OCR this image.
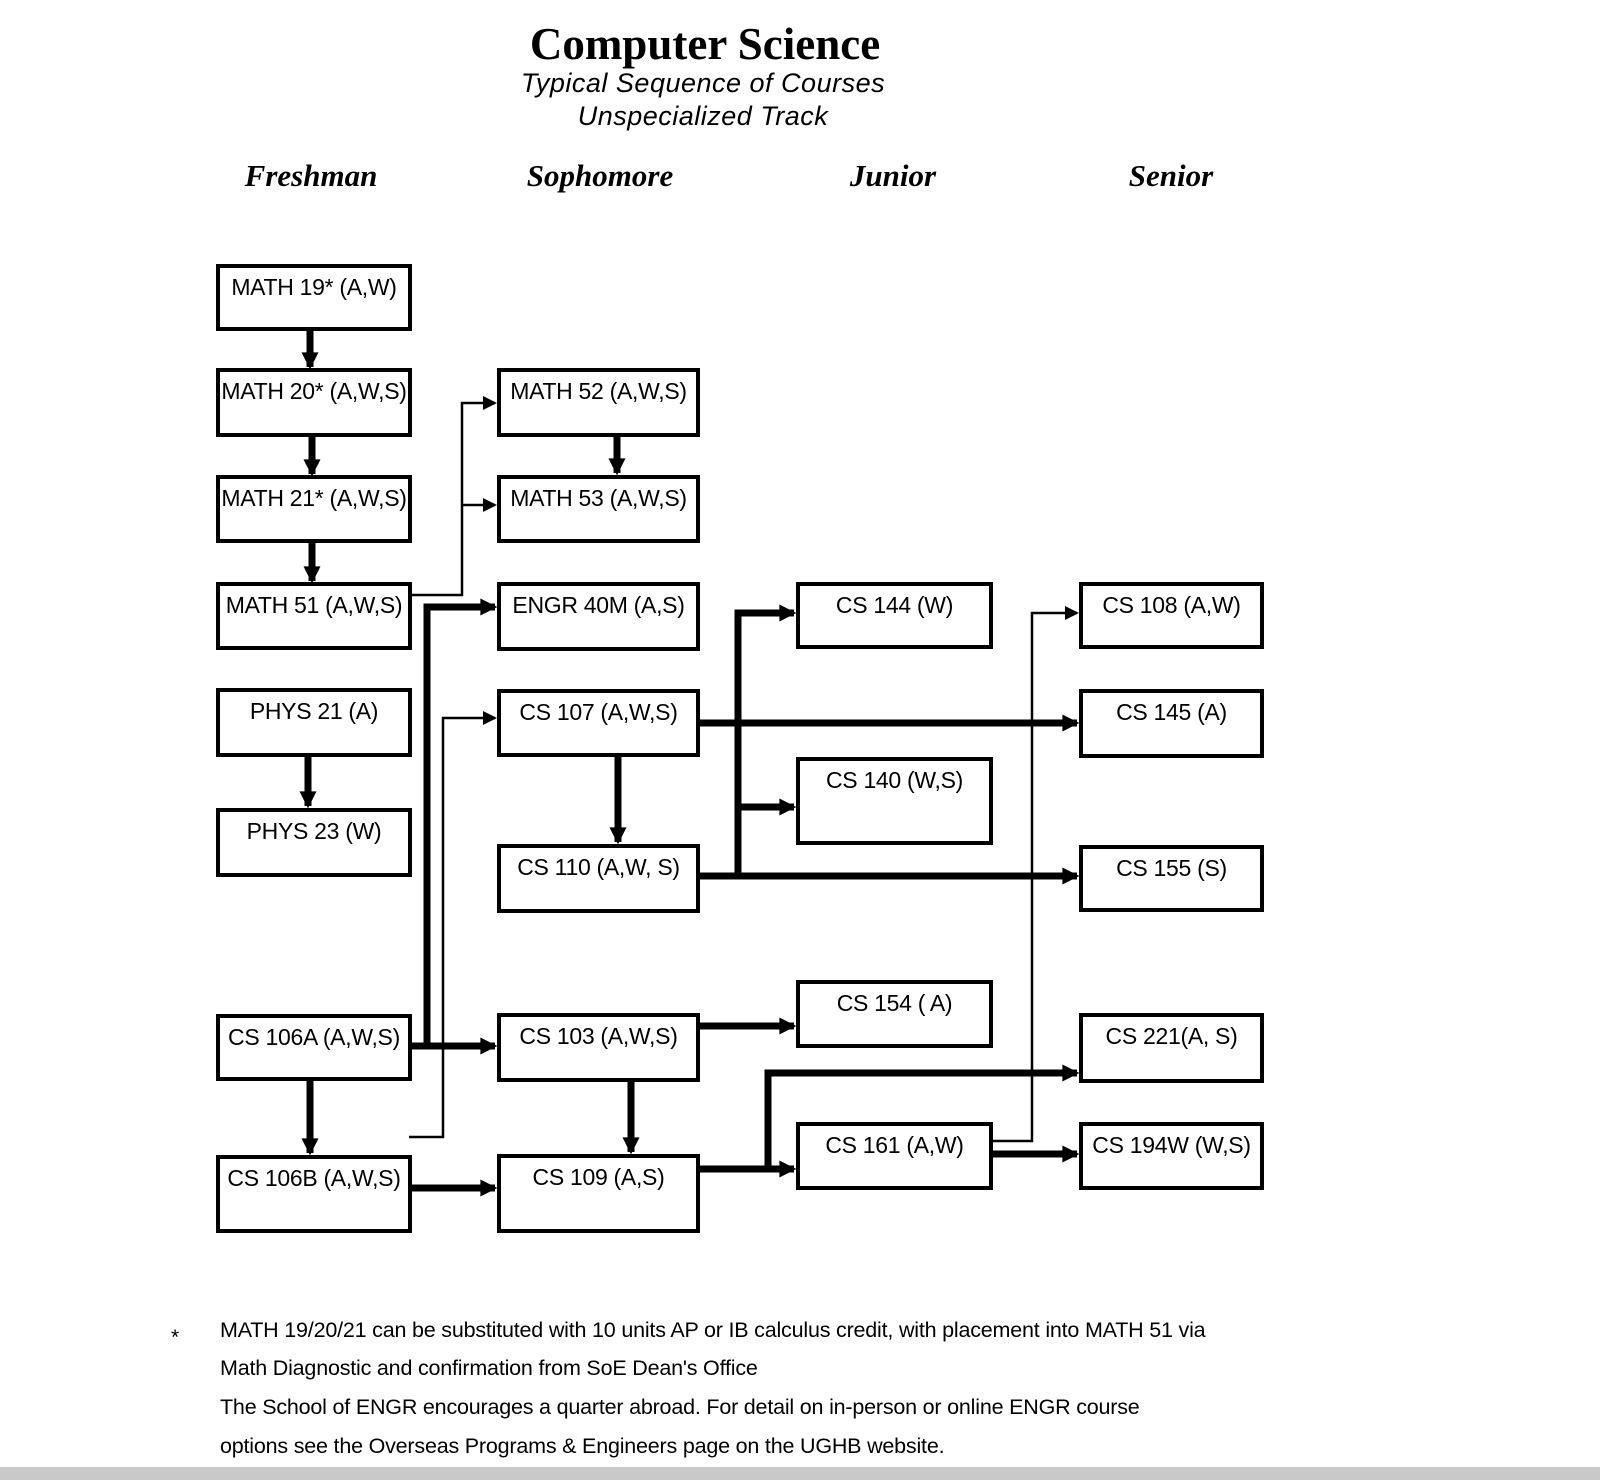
Computer Science
Typical Sequence of Courses
Unspecialized Track
Freshman	Sophomore	Junior	Senior
MATH 19* (A,W)
MATH 20* (A,W,S)
MATH 21* (A,W,S)
MATH 51 (A,W,S)
PHYS 21 (A)
PHYS 23 (W)
CS 106A (A,W,S)
CS 106B (A,W,S)
MATH 52 (A,W,S)
MATH 53 (A,W,S)
ENGR 40M (A,S)
CS 107 (A,W,S)
CS 110 (A,W, S)
CS 103 (A,W,S)
CS 109 (A,S)
CS 144 (W)
CS 140 (W,S)
CS 154 ( A)
CS 161 (A,W)
CS 108 (A,W)
CS 145 (A)
CS 155 (S)
CS 221(A, S)
CS 194W (W,S)
* MATH 19/20/21 can be substituted with 10 units AP or IB calculus credit, with placement into MATH 51 via
Math Diagnostic and confirmation from SoE Dean's Office
The School of ENGR encourages a quarter abroad. For detail on in-person or online ENGR course
options see the Overseas Programs & Engineers page on the UGHB website.
